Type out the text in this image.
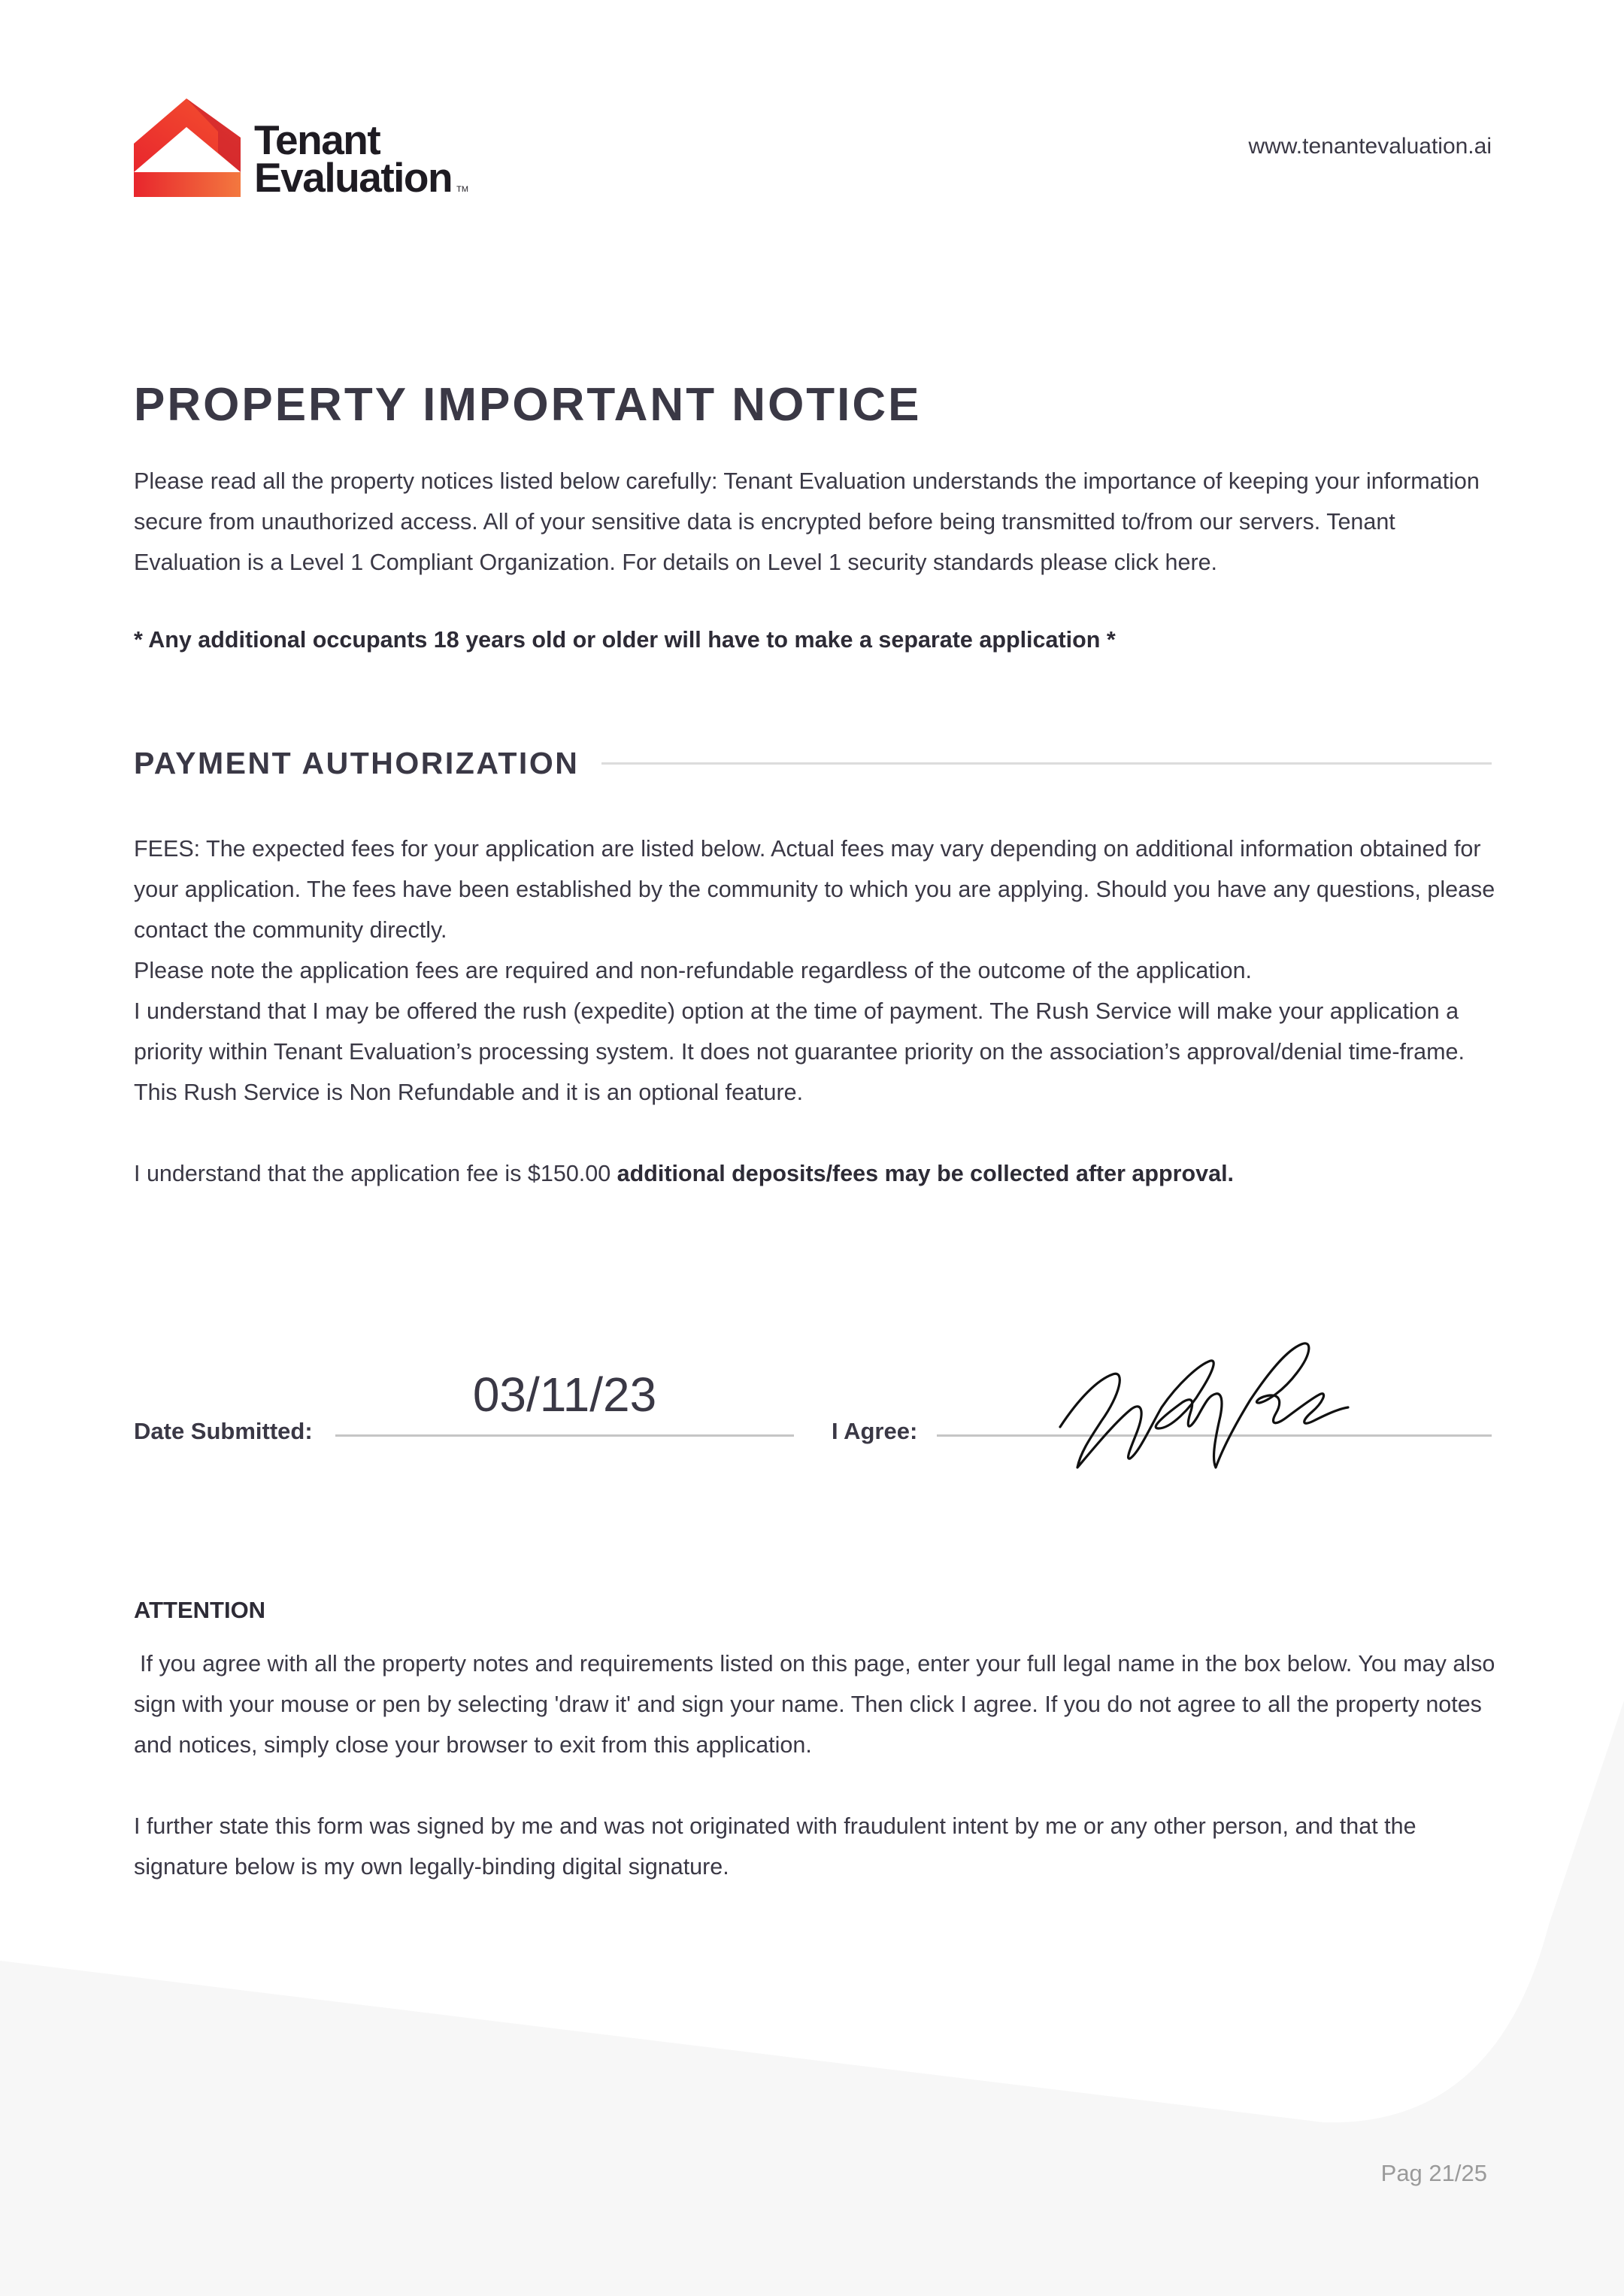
Tenant
Evaluation TM
www.tenantevaluation.ai
PROPERTY IMPORTANT NOTICE

Please read all the property notices listed below carefully: Tenant Evaluation understands the importance of keeping your information secure from unauthorized access. All of your sensitive data is encrypted before being transmitted to/from our servers. Tenant Evaluation is a Level 1 Compliant Organization. For details on Level 1 security standards please click here.

* Any additional occupants 18 years old or older will have to make a separate application *

PAYMENT AUTHORIZATION

FEES: The expected fees for your application are listed below. Actual fees may vary depending on additional information obtained for your application. The fees have been established by the community to which you are applying. Should you have any questions, please contact the community directly.

Please note the application fees are required and non-refundable regardless of the outcome of the application.

I understand that I may be offered the rush (expedite) option at the time of payment. The Rush Service will make your application a priority within Tenant Evaluation’s processing system. It does not guarantee priority on the association’s approval/denial time-frame. This Rush Service is Non Refundable and it is an optional feature.

I understand that the application fee is $150.00 additional deposits/fees may be collected after approval.

Date Submitted:
03/11/23
I Agree:
ATTENTION

If you agree with all the property notes and requirements listed on this page, enter your full legal name in the box below. You may also sign with your mouse or pen by selecting 'draw it' and sign your name. Then click I agree. If you do not agree to all the property notes and notices, simply close your browser to exit from this application.

I further state this form was signed by me and was not originated with fraudulent intent by me or any other person, and that the signature below is my own legally-binding digital signature.

Pag 21/25
